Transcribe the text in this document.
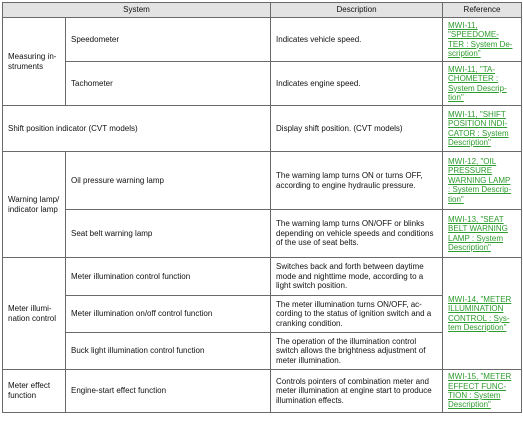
System		Description	Reference
Measuring in-
struments	Speedometer	Indicates vehicle speed.	MWI-11, "SPEEDOME-
TER : System De-
scription"

	Tachometer	Indicates engine speed.	MWI-11, "TA-
CHOMETER :
System Descrip-
tion"

Shift position indicator (CVT models)		Display shift position. (CVT models)	MWI-11, "SHIFT
POSITION INDI-
CATOR : System
Description"

Warning lamp/
indicator lamp	Oil pressure warning lamp	The warning lamp turns ON or turns OFF,
according to engine hydraulic pressure.	MWI-12, "OIL
PRESSURE
WARNING LAMP
: System Descrip-
tion"

	Seat belt warning lamp	The warning lamp turns ON/OFF or blinks
depending on vehicle speeds and conditions
of the use of seat belts.	MWI-13, "SEAT
BELT WARNING
LAMP : System
Description"

Meter illumi-
nation control	Meter illumination control function	Switches back and forth between daytime
mode and nighttime mode, according to a
light switch position.	MWI-14, "METER
ILLUMINATION
CONTROL : Sys-
tem Description"

	Meter illumination on/off control function	The meter illumination turns ON/OFF, ac-
cording to the status of ignition switch and a
cranking condition.	
	Buck light illumination control function	The operation of the illumination control
switch allows the brightness adjustment of
meter illumination.	
Meter effect
function	Engine-start effect function	Controls pointers of combination meter and
meter illumination at engine start to produce
illumination effects.	MWI-15, "METER
EFFECT FUNC-
TION : System
Description"
